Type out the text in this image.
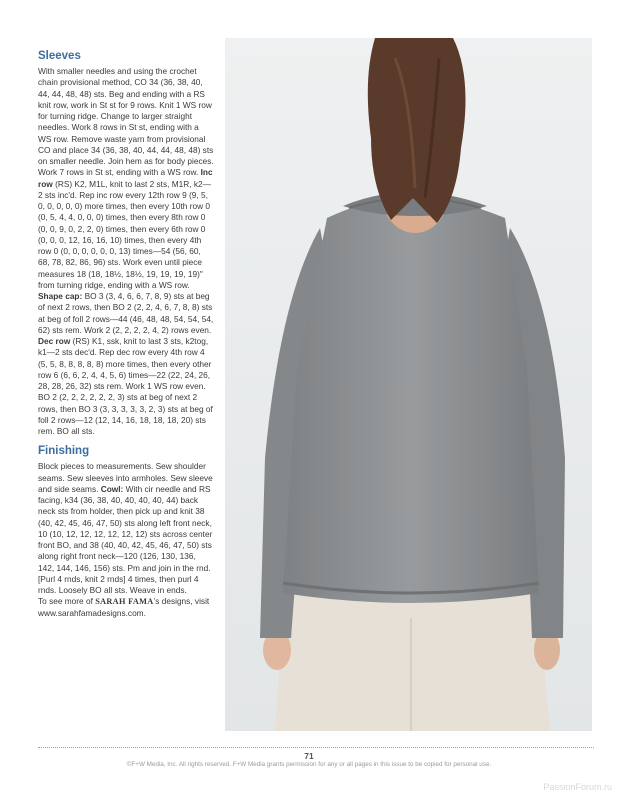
Sleeves

With smaller needles and using the crochet chain provisional method, CO 34 (36, 38, 40, 44, 44, 48, 48) sts. Beg and ending with a RS knit row, work in St st for 9 rows. Knit 1 WS row for turning ridge. Change to larger straight needles. Work 8 rows in St st, ending with a WS row. Remove waste yarn from provisional CO and place 34 (36, 38, 40, 44, 44, 48, 48) sts on smaller needle. Join hem as for body pieces. Work 7 rows in St st, ending with a WS row. Inc row (RS) K2, M1L, knit to last 2 sts, M1R, k2—2 sts inc'd. Rep inc row every 12th row 9 (9, 5, 0, 0, 0, 0, 0) more times, then every 10th row 0 (0, 5, 4, 4, 0, 0, 0) times, then every 8th row 0 (0, 0, 9, 0, 2, 2, 0) times, then every 6th row 0 (0, 0, 0, 12, 16, 16, 10) times, then every 4th row 0 (0, 0, 0, 0, 0, 0, 13) times—54 (56, 60, 68, 78, 82, 86, 96) sts. Work even until piece measures 18 (18, 18½, 18½, 19, 19, 19, 19)" from turning ridge, ending with a WS row. Shape cap: BO 3 (3, 4, 6, 6, 7, 8, 9) sts at beg of next 2 rows, then BO 2 (2, 2, 4, 6, 7, 8, 8) sts at beg of foll 2 rows—44 (46, 48, 48, 54, 54, 54, 62) sts rem. Work 2 (2, 2, 2, 2, 4, 2) rows even. Dec row (RS) K1, ssk, knit to last 3 sts, k2tog, k1—2 sts dec'd. Rep dec row every 4th row 4 (5, 5, 8, 8, 8, 8, 8) more times, then every other row 6 (6, 6, 2, 4, 4, 5, 6) times—22 (22, 24, 26, 28, 28, 26, 32) sts rem. Work 1 WS row even. BO 2 (2, 2, 2, 2, 2, 2, 3) sts at beg of next 2 rows, then BO 3 (3, 3, 3, 3, 3, 2, 3) sts at beg of foll 2 rows—12 (12, 14, 16, 18, 18, 18, 20) sts rem. BO all sts.

Finishing

Block pieces to measurements. Sew shoulder seams. Sew sleeves into armholes. Sew sleeve and side seams. Cowl: With cir needle and RS facing, k34 (36, 38, 40, 40, 40, 40, 44) back neck sts from holder, then pick up and knit 38 (40, 42, 45, 46, 47, 50) sts along left front neck, 10 (10, 12, 12, 12, 12, 12, 12) sts across center front BO, and 38 (40, 40, 42, 45, 46, 47, 50) sts along right front neck—120 (126, 130, 136, 142, 144, 146, 156) sts. Pm and join in the rnd. [Purl 4 rnds, knit 2 rnds] 4 times, then purl 4 rnds. Loosely BO all sts. Weave in ends.

To see more of SARAH FAMA’s designs, visit
www.sarahfamadesigns.com.

71
©F+W Media, Inc. All rights reserved. F+W Media grants permission for any or all pages in this issue to be copied for personal use.
PassionForum.ru
